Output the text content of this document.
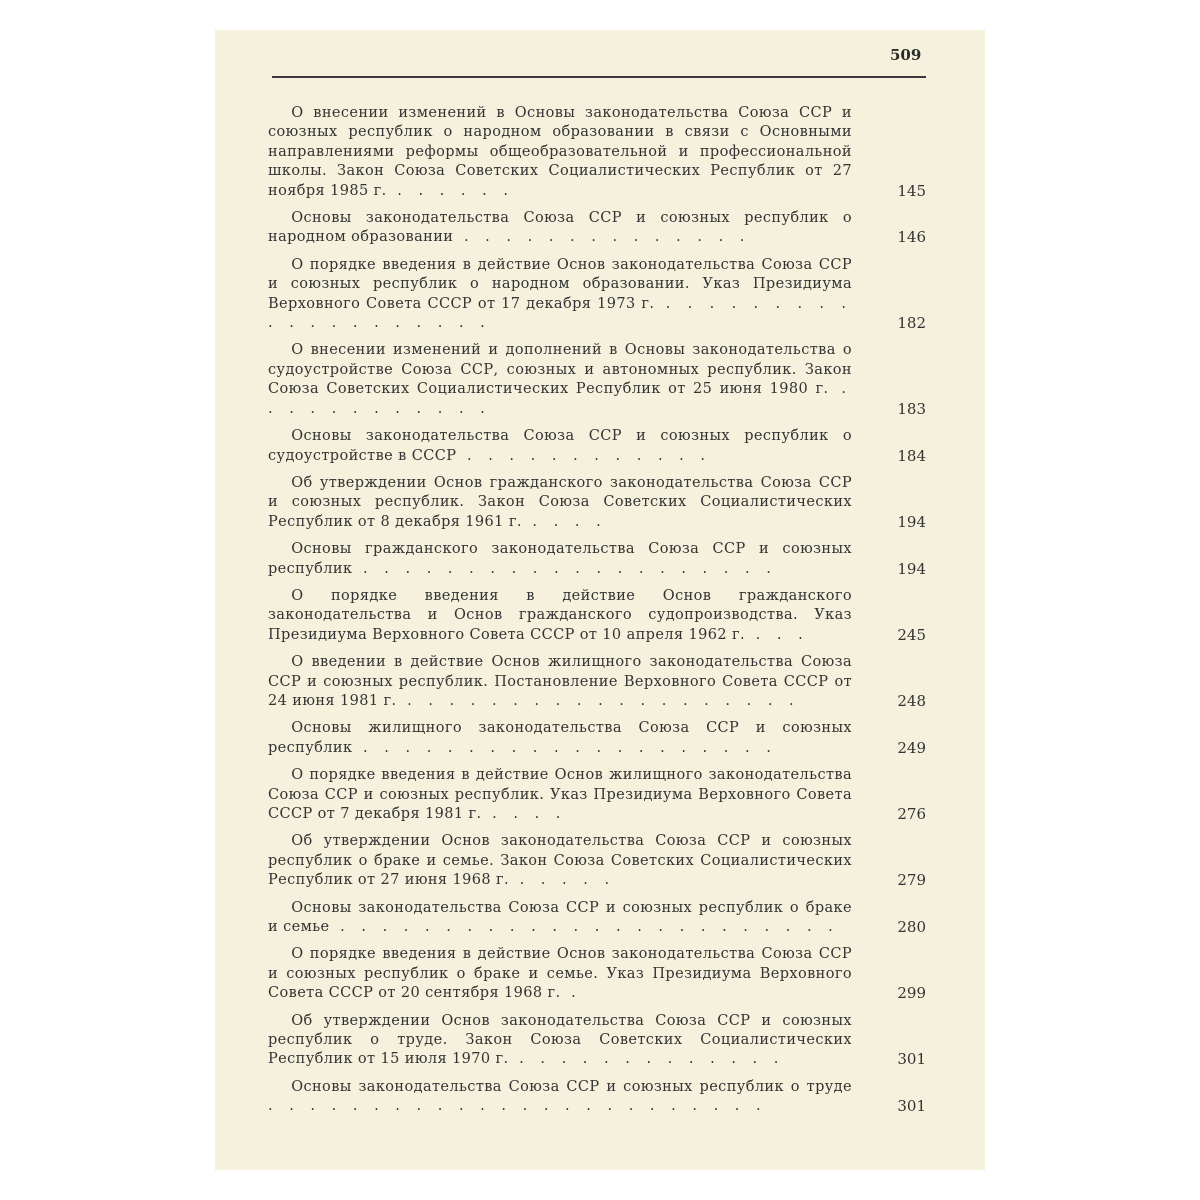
509
О внесении изменений в Основы законодательства Союза ССР и союзных республик о народном образовании в связи с Основными направлениями реформы общеобразовательной и профессиональной школы. Закон Союза Советских Социалистических Республик от 27 ноября 1985 г. . . . . . .	145
Основы законодательства Союза ССР и союзных республик о народном образовании . . . . . . . . . . . . . .	146
О порядке введения в действие Основ законодательства Союза ССР и союзных республик о народном образовании. Указ Президиума Верховного Совета СССР от 17 декабря 1973 г. . . . . . . . . . . . . . . . . . . . .	182
О внесении изменений и дополнений в Основы законодательства о судоустройстве Союза ССР, союзных и автономных республик. Закон Союза Советских Социалистических Республик от 25 июня 1980 г. . . . . . . . . . . . .	183
Основы законодательства Союза ССР и союзных республик о судоустройстве в СССР . . . . . . . . . . . .	184
Об утверждении Основ гражданского законодательства Союза ССР и союзных республик. Закон Союза Советских Социалистических Республик от 8 декабря 1961 г. . . . .	194
Основы гражданского законодательства Союза ССР и союзных республик . . . . . . . . . . . . . . . . . . . .	194
О порядке введения в действие Основ гражданского законодательства и Основ гражданского судопроизводства. Указ Президиума Верховного Совета СССР от 10 апреля 1962 г. . . .	245
О введении в действие Основ жилищного законодательства Союза ССР и союзных республик. Постановление Верховного Совета СССР от 24 июня 1981 г. . . . . . . . . . . . . . . . . . . .	248
Основы жилищного законодательства Союза ССР и союзных республик . . . . . . . . . . . . . . . . . . . .	249
О порядке введения в действие Основ жилищного законодательства Союза ССР и союзных республик. Указ Президиума Верховного Совета СССР от 7 декабря 1981 г. . . . .	276
Об утверждении Основ законодательства Союза ССР и союзных республик о браке и семье. Закон Союза Советских Социалистических Республик от 27 июня 1968 г. . . . . .	279
Основы законодательства Союза ССР и союзных республик о браке и семье . . . . . . . . . . . . . . . . . . . . . . . .	280
О порядке введения в действие Основ законодательства Союза ССР и союзных республик о браке и семье. Указ Президиума Верховного Совета СССР от 20 сентября 1968 г. .	299
Об утверждении Основ законодательства Союза ССР и союзных республик о труде. Закон Союза Советских Социалистических Республик от 15 июля 1970 г. . . . . . . . . . . . . .	301
Основы законодательства Союза ССР и союзных республик о труде . . . . . . . . . . . . . . . . . . . . . . . .	301
